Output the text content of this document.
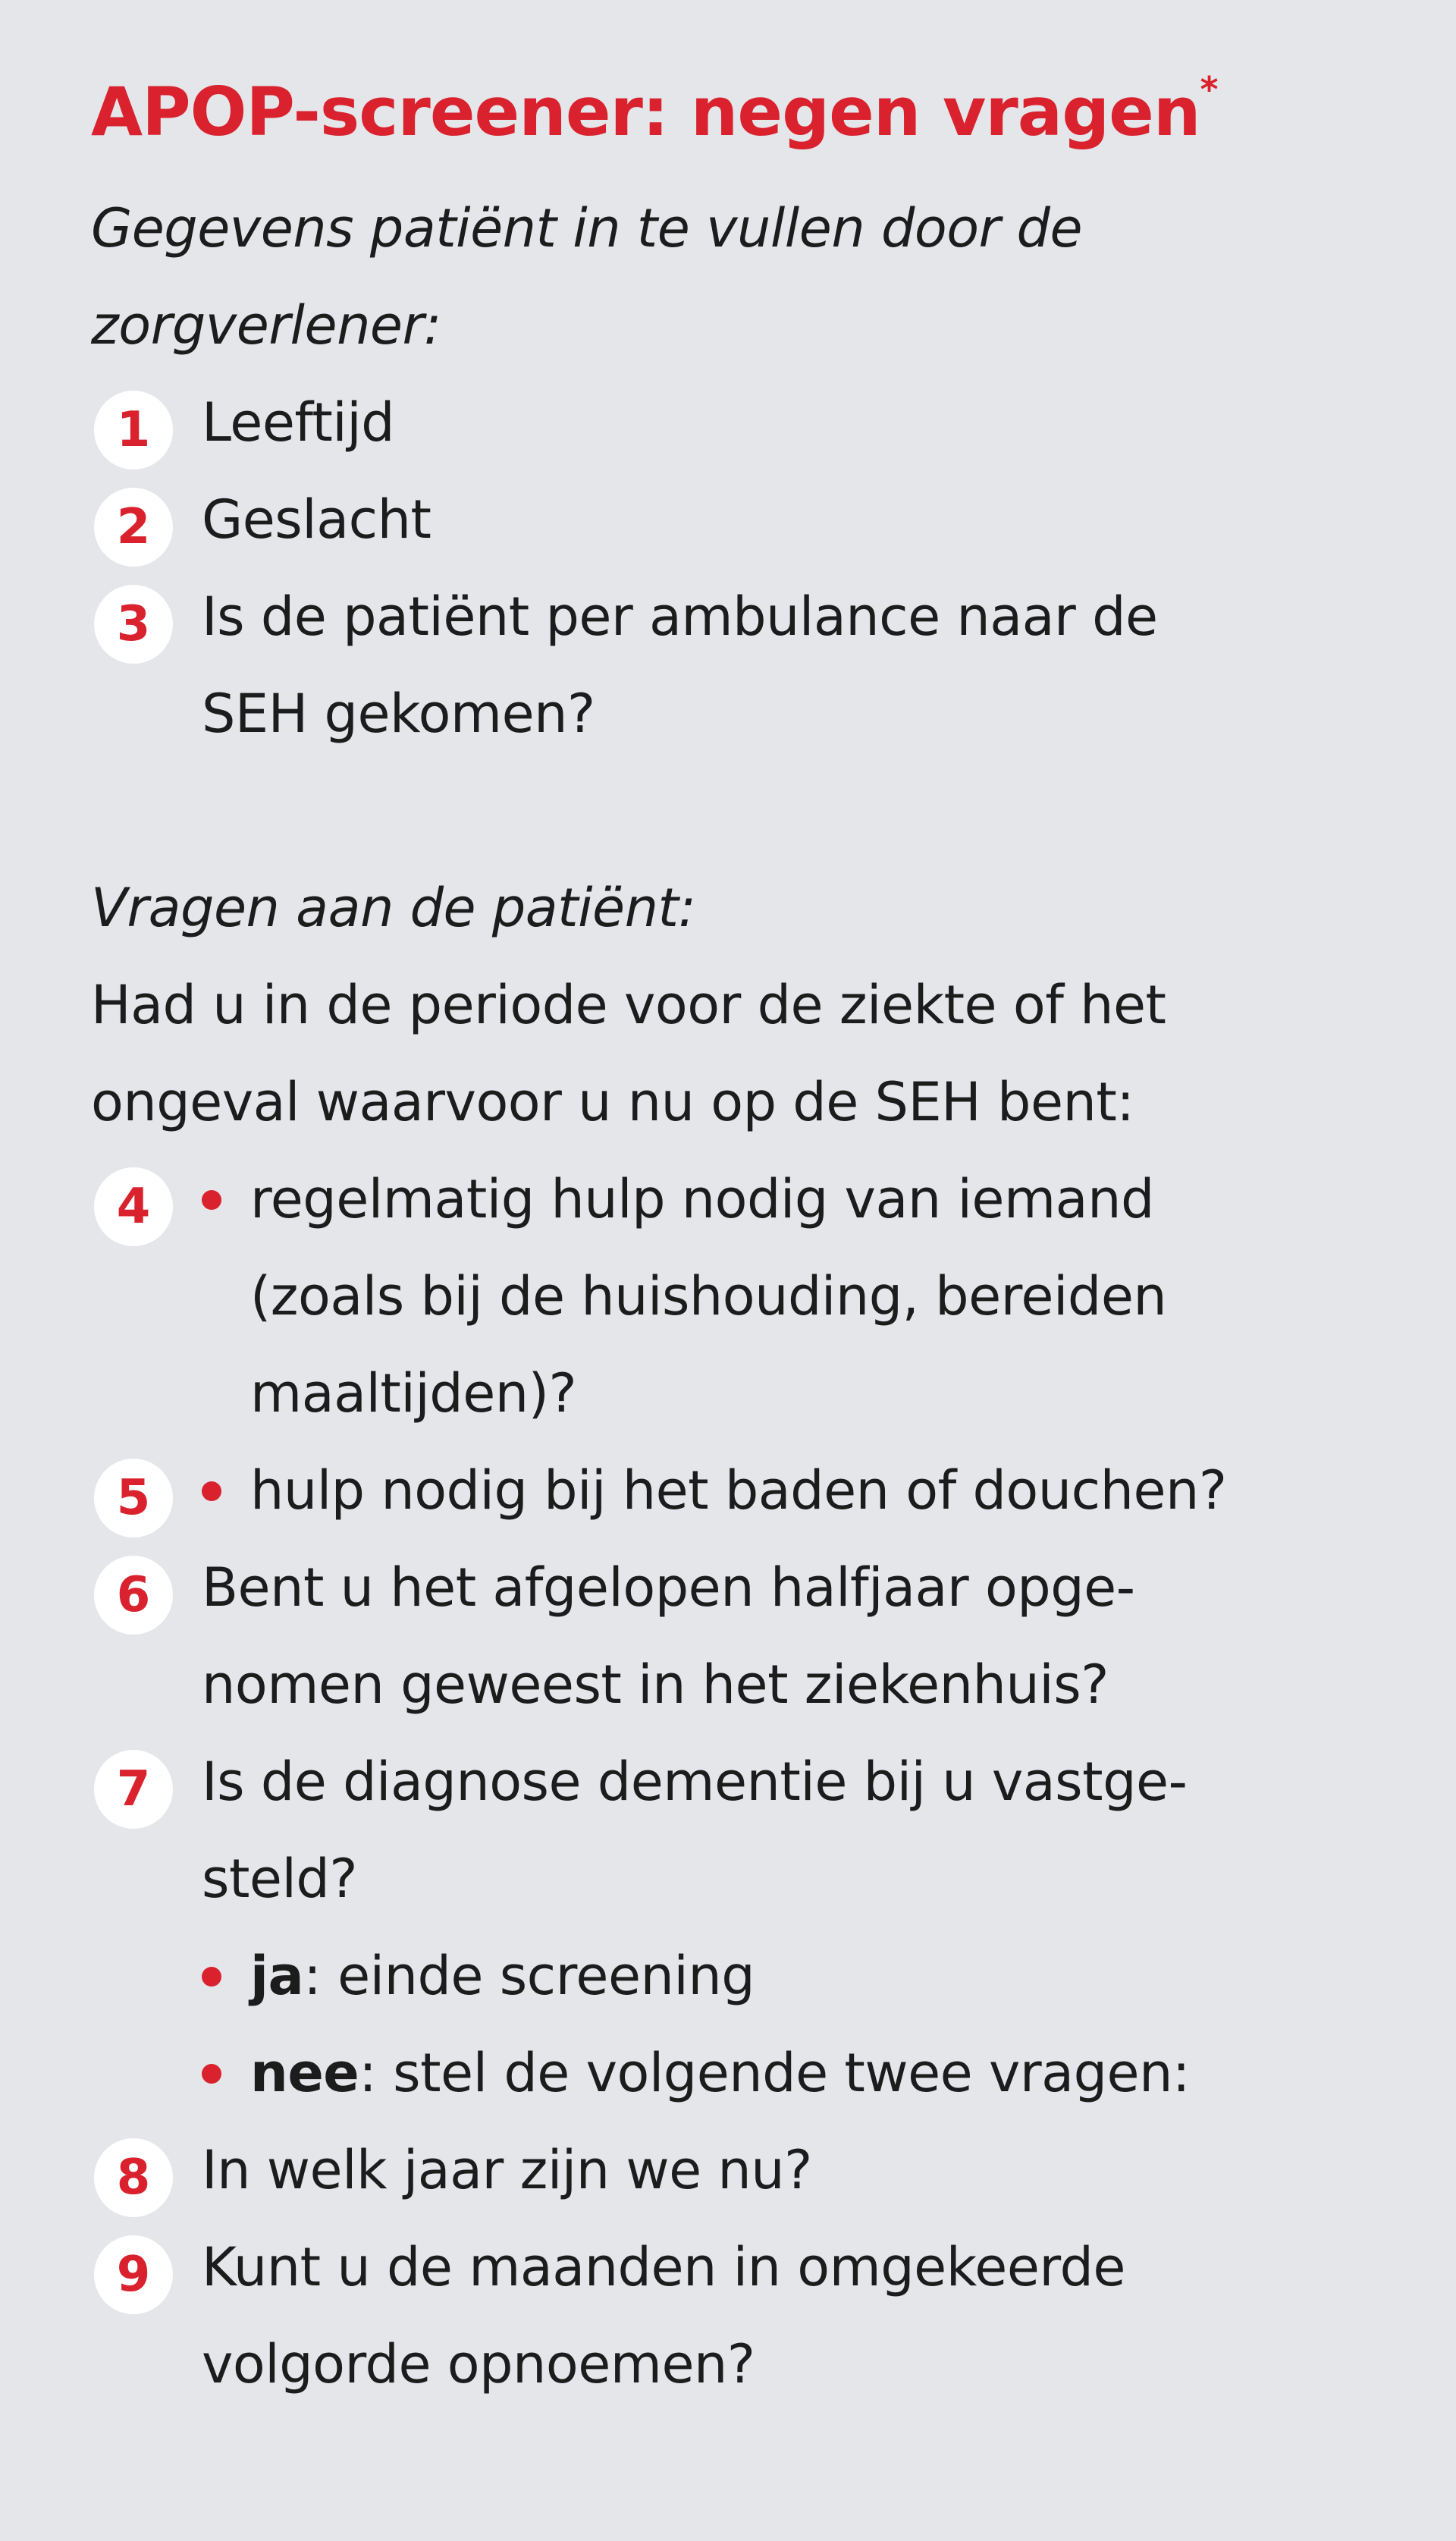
APOP-screener: negen vragen*
Gegevens patiënt in te vullen door de
zorgverlener:
1 Leeftijd
2 Geslacht
3 Is de patiënt per ambulance naar de
SEH gekomen?
Vragen aan de patiënt:
Had u in de periode voor de ziekte of het
ongeval waarvoor u nu op de SEH bent:
4	regelmatig hulp nodig van iemand
(zoals bij de huishouding, bereiden
maaltijden)?
5	hulp nodig bij het baden of douchen?
6 Bent u het afgelopen halfjaar opge-
nomen geweest in het ziekenhuis?
7 Is de diagnose dementie bij u vastge-
steld?
ja: einde screening
nee: stel de volgende twee vragen:
8 In welk jaar zijn we nu?
9 Kunt u de maanden in omgekeerde
volgorde opnoemen?
